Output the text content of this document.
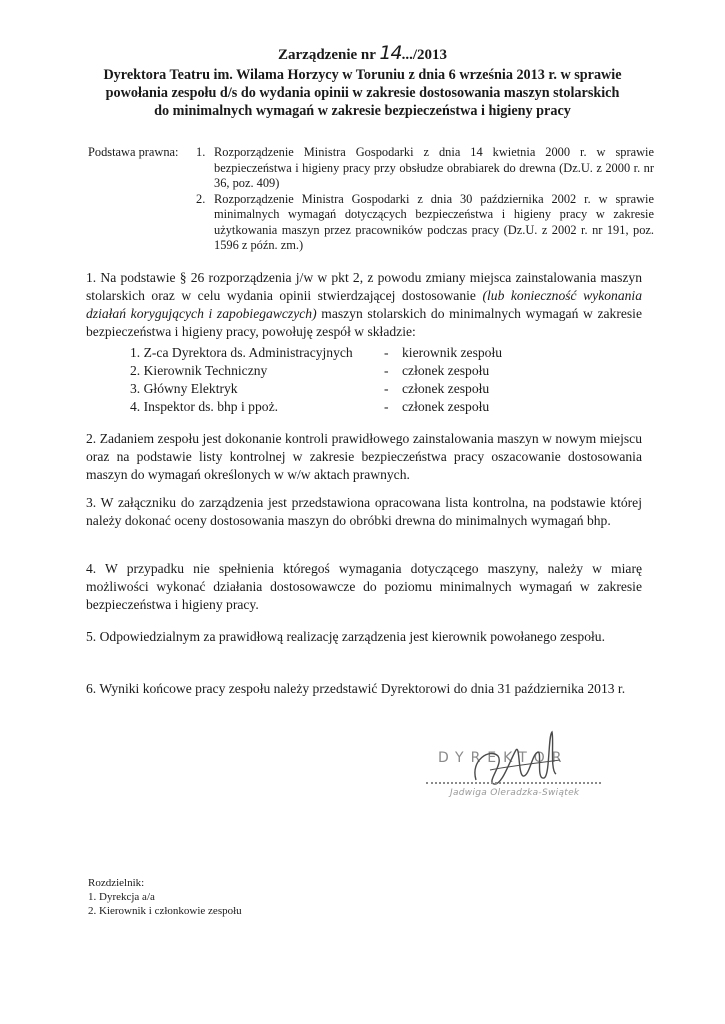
Zarządzenie nr 14.../2013
Dyrektora Teatru im. Wilama Horzycy w Toruniu z dnia 6 września 2013 r. w sprawie
powołania zespołu d/s do wydania opinii w zakresie dostosowania maszyn stolarskich
do minimalnych wymagań w zakresie bezpieczeństwa i higieny pracy
Podstawa prawna: 1. Rozporządzenie Ministra Gospodarki z dnia 14 kwietnia 2000 r. w sprawie bezpieczeństwa i higieny pracy przy obsłudze obrabiarek do drewna (Dz.U. z 2000 r. nr 36, poz. 409)
2. Rozporządzenie Ministra Gospodarki z dnia 30 października 2002 r. w sprawie minimalnych wymagań dotyczących bezpieczeństwa i higieny pracy w zakresie użytkowania maszyn przez pracowników podczas pracy (Dz.U. z 2002 r. nr 191, poz. 1596 z późn. zm.)
1. Na podstawie § 26 rozporządzenia j/w w pkt 2, z powodu zmiany miejsca zainstalowania maszyn stolarskich oraz w celu wydania opinii stwierdzającej dostosowanie (lub konieczność wykonania działań korygujących i zapobiegawczych) maszyn stolarskich do minimalnych wymagań w zakresie bezpieczeństwa i higieny pracy, powołuję zespół w składzie:
1. Z-ca Dyrektora ds. Administracyjnych - kierownik zespołu
2. Kierownik Techniczny	- członek zespołu
3. Główny Elektryk	- członek zespołu
4. Inspektor ds. bhp i ppoż.	- członek zespołu
2. Zadaniem zespołu jest dokonanie kontroli prawidłowego zainstalowania maszyn w nowym miejscu oraz na podstawie listy kontrolnej w zakresie bezpieczeństwa pracy oszacowanie dostosowania maszyn do wymagań określonych w w/w aktach prawnych.
3. W załączniku do zarządzenia jest przedstawiona opracowana lista kontrolna, na podstawie której należy dokonać oceny dostosowania maszyn do obróbki drewna do minimalnych wymagań bhp.
4. W przypadku nie spełnienia któregoś wymagania dotyczącego maszyny, należy w miarę możliwości wykonać działania dostosowawcze do poziomu minimalnych wymagań w zakresie bezpieczeństwa i higieny pracy.
5. Odpowiedzialnym za prawidłową realizację zarządzenia jest kierownik powołanego zespołu.
6. Wyniki końcowe pracy zespołu należy przedstawić Dyrektorowi do dnia 31 października 2013 r.
DYREKTOR
Jadwiga Oleradzka-Swiątek
Rozdzielnik:
1. Dyrekcja a/a
2. Kierownik i członkowie zespołu
